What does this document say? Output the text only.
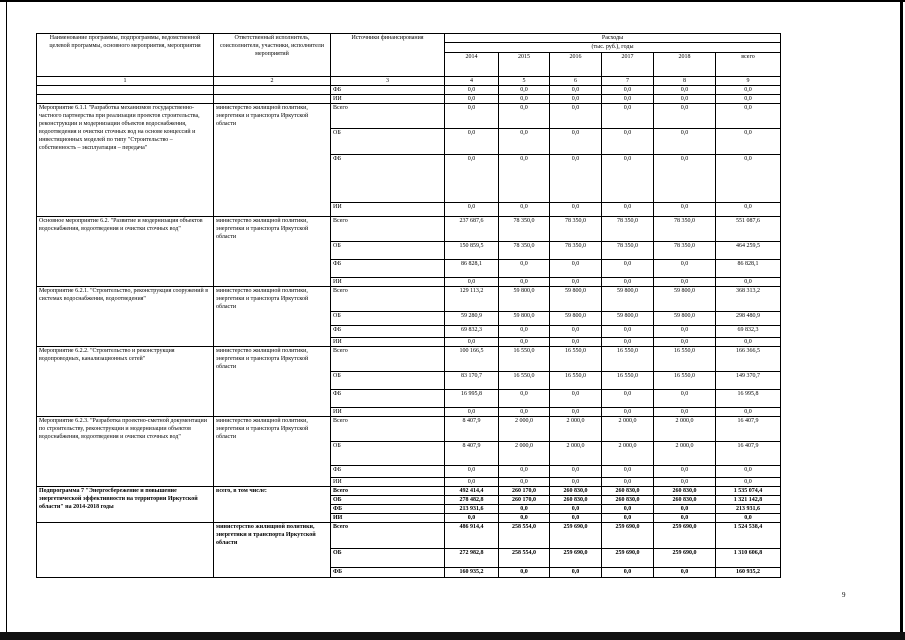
Наименование программы, подпрограммы, ведомственной целевой программы, основного мероприятия, мероприятия	Ответственный исполнитель, соисполнители, участники, исполнители мероприятий	Источники финансирования	Расходы					
			(тыс. руб.), годы					
			2014	2015	2016	2017	2018	всего
1	2	3	4	5	6	7	8	9
		ФБ	0,0	0,0	0,0	0,0	0,0	0,0
		ИИ	0,0	0,0	0,0	0,0	0,0	0,0
Мероприятие 6.1.1 "Разработка механизмов государственно-частного партнерства при реализации проектов строительства, реконструкции и модернизации объектов водоснабжения, водоотведения и очистки сточных вод на основе концессий и инвестиционных моделей по типу "Строительство – собственность – эксплуатация – передача"	министерство жилищной политики, энергетики и транспорта Иркутской области	Всего	0,0	0,0	0,0	0,0	0,0	0,0
		ОБ	0,0	0,0	0,0	0,0	0,0	0,0
		ФБ	0,0	0,0	0,0	0,0	0,0	0,0
		ИИ	0,0	0,0	0,0	0,0	0,0	0,0
Основное мероприятие 6.2. "Развитие и модернизация объектов водоснабжения, водоотведения и очистки сточных вод"	министерство жилищной политики, энергетики и транспорта Иркутской области	Всего	237 687,6	78 350,0	78 350,0	78 350,0	78 350,0	551 087,6
		ОБ	150 859,5	78 350,0	78 350,0	78 350,0	78 350,0	464 259,5
		ФБ	86 828,1	0,0	0,0	0,0	0,0	86 828,1
		ИИ	0,0	0,0	0,0	0,0	0,0	0,0
Мероприятие 6.2.1. "Строительство, реконструкция сооружений в системах водоснабжения, водоотведения"	министерство жилищной политики, энергетики и транспорта Иркутской области	Всего	129 113,2	59 800,0	59 800,0	59 800,0	59 800,0	368 313,2
		ОБ	59 280,9	59 800,0	59 800,0	59 800,0	59 800,0	298 480,9
		ФБ	69 832,3	0,0	0,0	0,0	0,0	69 832,3
		ИИ	0,0	0,0	0,0	0,0	0,0	0,0
Мероприятие 6.2.2. "Строительство и реконструкция водопроводных, канализационных сетей"	министерство жилищной политики, энергетики и транспорта Иркутской области	Всего	100 166,5	16 550,0	16 550,0	16 550,0	16 550,0	166 366,5
		ОБ	83 170,7	16 550,0	16 550,0	16 550,0	16 550,0	149 370,7
		ФБ	16 995,8	0,0	0,0	0,0	0,0	16 995,8
		ИИ	0,0	0,0	0,0	0,0	0,0	0,0
Мероприятие 6.2.3. "Разработка проектно-сметной документации по строительству, реконструкции и модернизации объектов водоснабжения, водоотведения и очистки сточных вод"	министерство жилищной политики, энергетики и транспорта Иркутской области	Всего	8 407,9	2 000,0	2 000,0	2 000,0	2 000,0	16 407,9
		ОБ	8 407,9	2 000,0	2 000,0	2 000,0	2 000,0	16 407,9
		ФБ	0,0	0,0	0,0	0,0	0,0	0,0
		ИИ	0,0	0,0	0,0	0,0	0,0	0,0
Подпрограмма 7 "Энергосбережение и повышение энергетической эффективности на территории Иркутской области" на 2014-2018 годы	всего, в том числе:	Всего	492 414,4	260 170,0	260 830,0	260 830,0	260 830,0	1 535 074,4
		ОБ	278 482,8	260 170,0	260 830,0	260 830,0	260 830,0	1 321 142,8
		ФБ	213 931,6	0,0	0,0	0,0	0,0	213 931,6
		ИИ	0,0	0,0	0,0	0,0	0,0	0,0
	министерство жилищной политики, энергетики и транспорта Иркутской области	Всего	486 914,4	258 554,0	259 690,0	259 690,0	259 690,0	1 524 538,4
		ОБ	272 982,8	258 554,0	259 690,0	259 690,0	259 690,0	1 310 606,8
		ФБ	160 935,2	0,0	0,0	0,0	0,0	160 935,2
9
